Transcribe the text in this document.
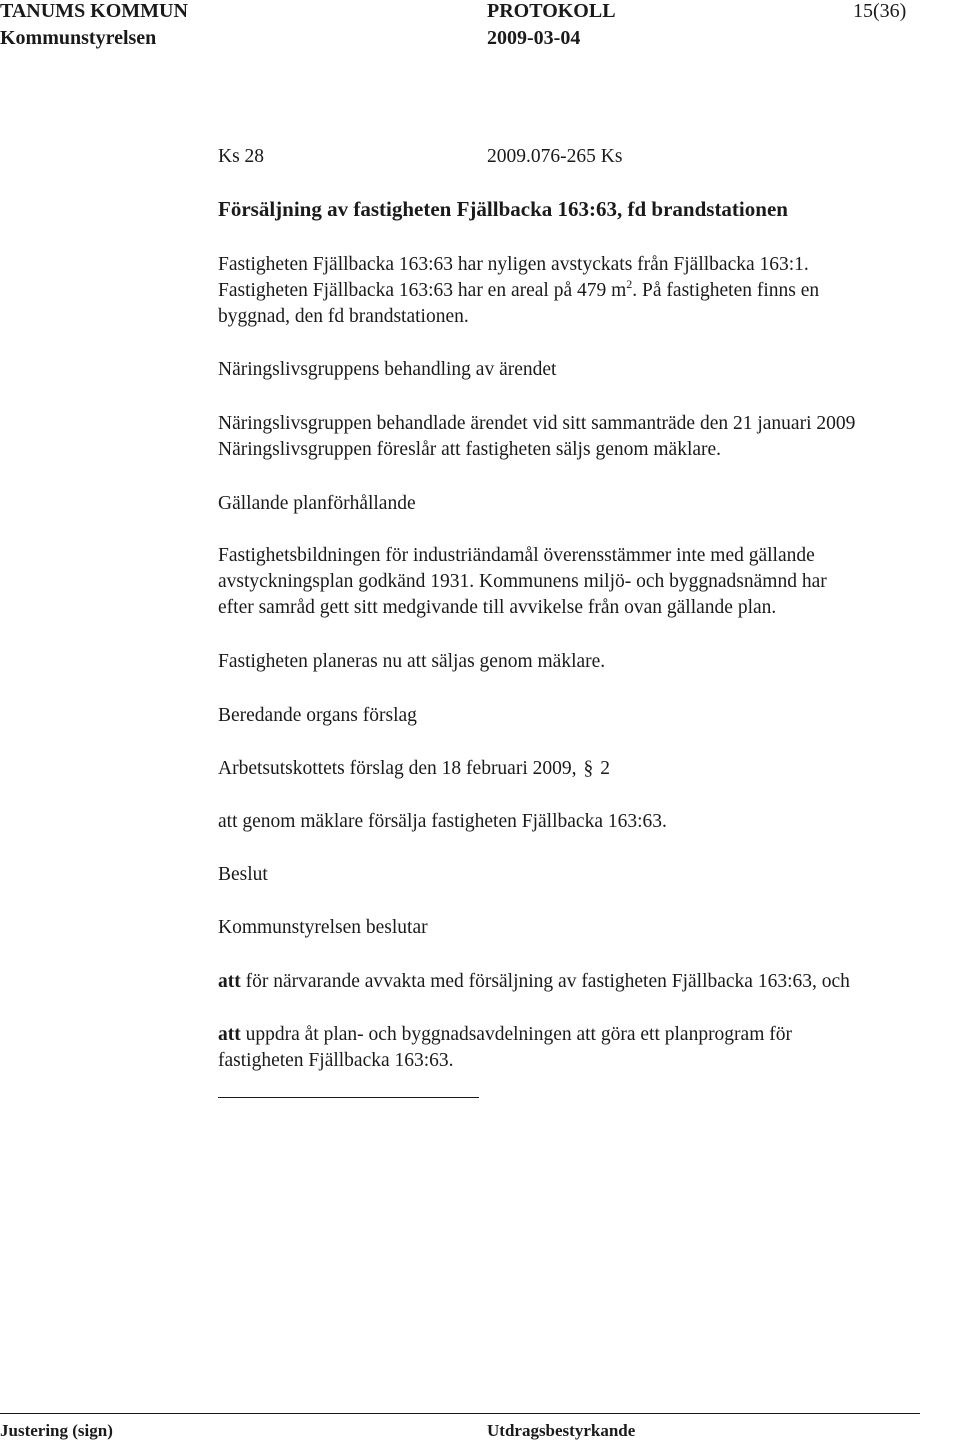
TANUMS KOMMUN
Kommunstyrelsen
PROTOKOLL
2009-03-04
15(36)
Ks 28	2009.076-265 Ks
Försäljning av fastigheten Fjällbacka 163:63, fd brandstationen
Fastigheten Fjällbacka 163:63 har nyligen avstyckats från Fjällbacka 163:1.
Fastigheten Fjällbacka 163:63 har en areal på 479 $m^2$. På fastigheten finns en
byggnad, den fd brandstationen.
Näringslivsgruppens behandling av ärendet
Näringslivsgruppen behandlade ärendet vid sitt sammanträde den 21 januari 2009
Näringslivsgruppen föreslår att fastigheten säljs genom mäklare.
Gällande planförhållande
Fastighetsbildningen för industriändamål överensstämmer inte med gällande
avstyckningsplan godkänd 1931. Kommunens miljö- och byggnadsnämnd har
efter samråd gett sitt medgivande till avvikelse från ovan gällande plan.
Fastigheten planeras nu att säljas genom mäklare.
Beredande organs förslag
Arbetsutskottets förslag den 18 februari 2009, § 2
att genom mäklare försälja fastigheten Fjällbacka 163:63.
Beslut
Kommunstyrelsen beslutar
att för närvarande avvakta med försäljning av fastigheten Fjällbacka 163:63, och
att uppdra åt plan- och byggnadsavdelningen att göra ett planprogram för
fastigheten Fjällbacka 163:63.
Justering (sign)	Utdragsbestyrkande
